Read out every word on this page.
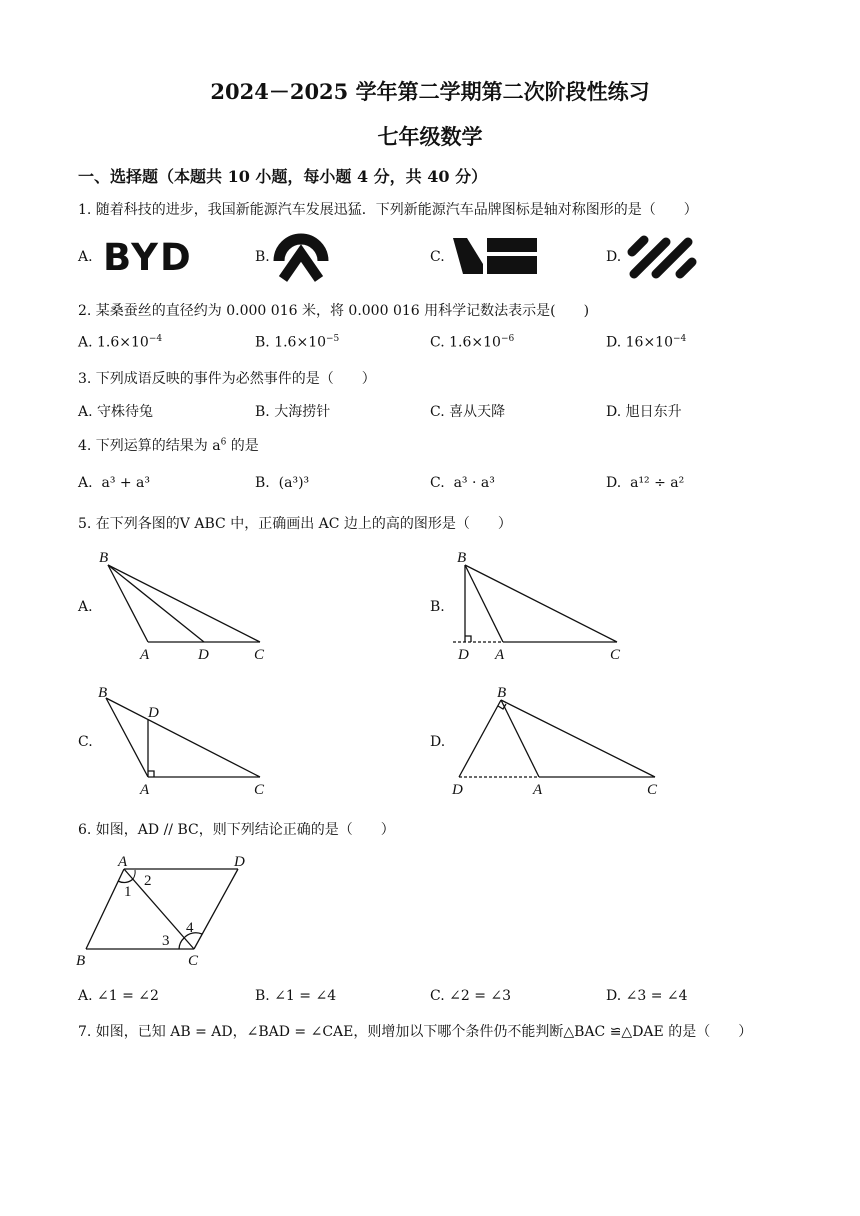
2024－2025 学年第二学期第二次阶段性练习
七年级数学
一、选择题（本题共 10 小题，每小题 4 分，共 40 分）
1. 随着科技的进步，我国新能源汽车发展迅猛．下列新能源汽车品牌图标是轴对称图形的是（　　）
A. BYD	B.	C.	D.
2. 某桑蚕丝的直径约为 0.000 016 米，将 0.000 016 用科学记数法表示是(　　)
A. $1.6\times 10^{-4}$	B. $1.6\times 10^{-5}$	C. $1.6\times 10^{-6}$	D. $16\times 10^{-4}$
3. 下列成语反映的事件为必然事件的是（　　）
A. 守株待兔	B. 大海捞针	C. 喜从天降	D. 旭日东升
4. 下列运算的结果为 $a^6$ 的是
A. a³ + a³	B. (a³)³	C. a³ · a³	D. a¹² ÷ a²
5. 在下列各图的V ABC 中，正确画出 AC 边上的高的图形是（　　）
A.
B
A	D	C
B.
B
D A	C
C.
B
D
A	C
D.
B
D	A	C
6. 如图，AD // BC，则下列结论正确的是（　　）
A	D
B	C
1
2
3
4
A. ∠1 = ∠2	B. ∠1 = ∠4	C. ∠2 = ∠3	D. ∠3 = ∠4
7. 如图，已知 AB = AD，∠BAD = ∠CAE，则增加以下哪个条件仍不能判断△BAC ≌△DAE 的是（　　）
